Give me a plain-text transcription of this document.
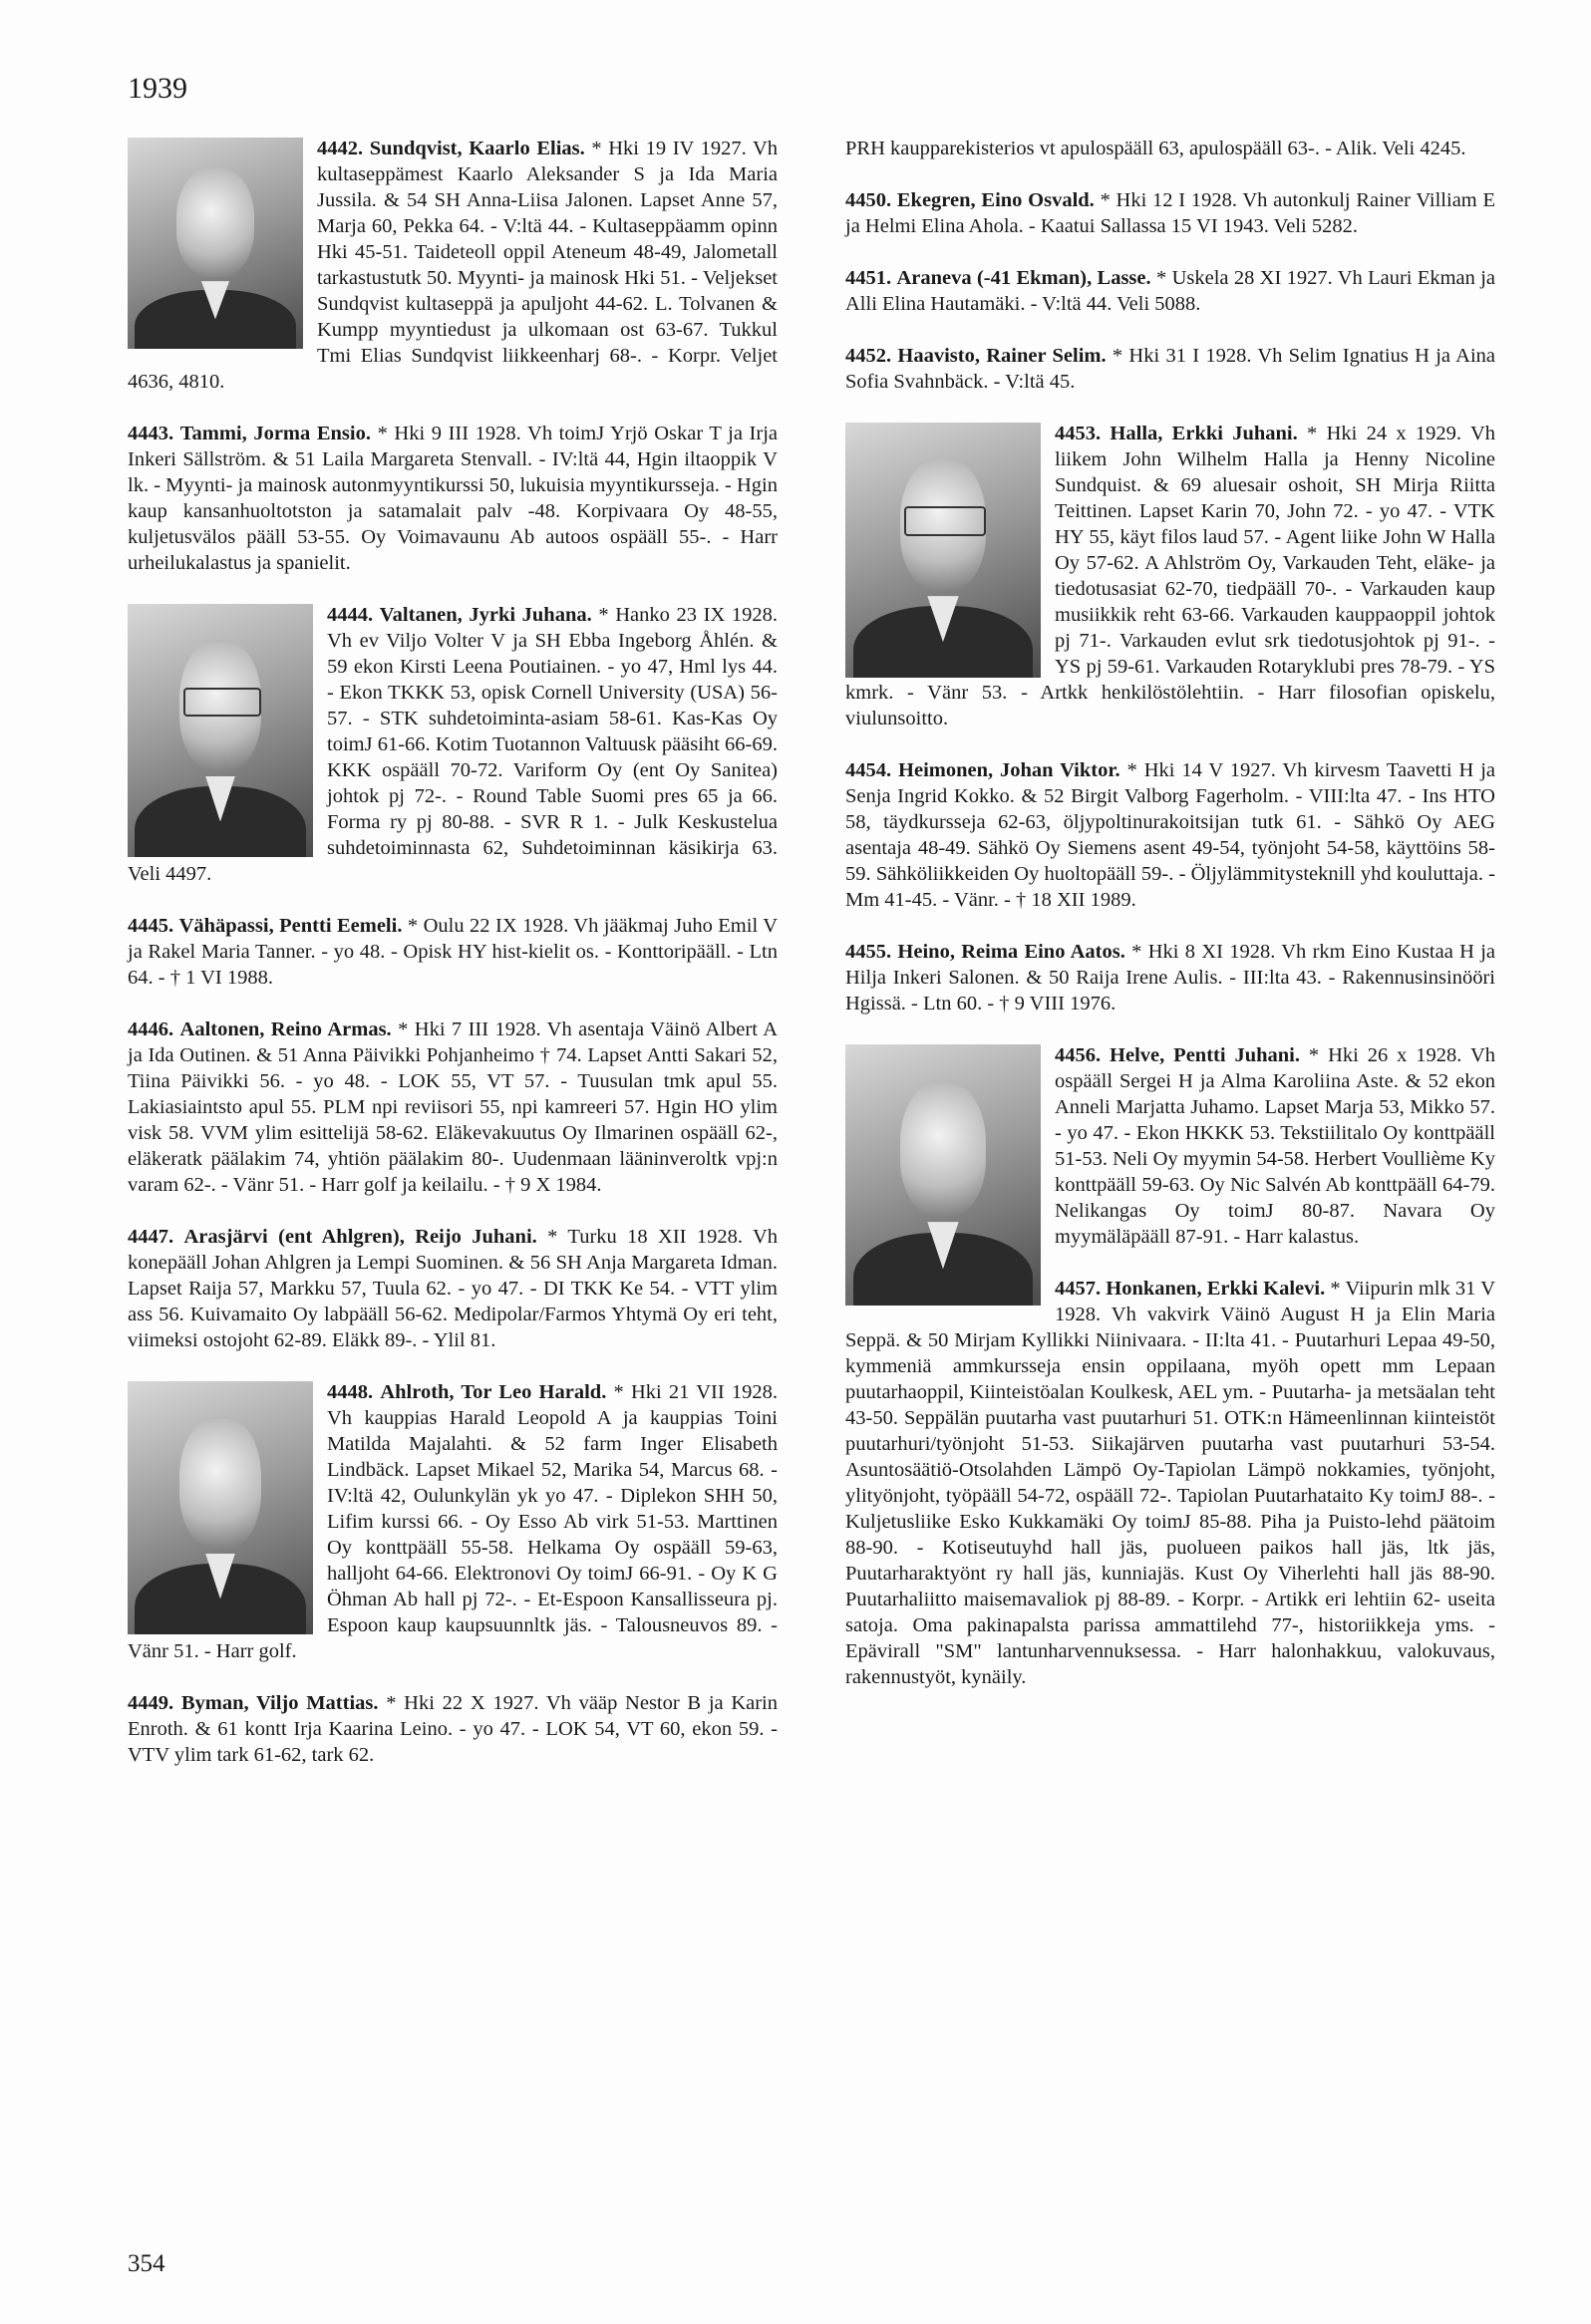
1939

4442. Sundqvist, Kaarlo Elias. * Hki 19 IV 1927. Vh kultaseppämest Kaarlo Aleksander S ja Ida Maria Jussila. & 54 SH Anna-Liisa Jalonen. Lapset Anne 57, Marja 60, Pekka 64. - V:ltä 44. - Kultaseppäamm opinn Hki 45-51. Taideteoll oppil Ateneum 48-49, Jalometall tarkastustutk 50. Myynti- ja mainosk Hki 51. - Veljekset Sundqvist kultaseppä ja apuljoht 44-62. L. Tolvanen & Kumpp myyntiedust ja ulkomaan ost 63-67. Tukkul Tmi Elias Sundqvist liikkeenharj 68-. - Korpr. Veljet 4636, 4810.

4443. Tammi, Jorma Ensio. * Hki 9 III 1928. Vh toimJ Yrjö Oskar T ja Irja Inkeri Sällström. & 51 Laila Margareta Stenvall. - IV:ltä 44, Hgin iltaoppik V lk. - Myynti- ja mainosk autonmyyntikurssi 50, lukuisia myyntikursseja. - Hgin kaup kansanhuoltotston ja satamalait palv -48. Korpivaara Oy 48-55, kuljetusvälos pääll 53-55. Oy Voimavaunu Ab autoos ospääll 55-. - Harr urheilukalastus ja spanielit.

4444. Valtanen, Jyrki Juhana. * Hanko 23 IX 1928. Vh ev Viljo Volter V ja SH Ebba Ingeborg Åhlén. & 59 ekon Kirsti Leena Poutiainen. - yo 47, Hml lys 44. - Ekon TKKK 53, opisk Cornell University (USA) 56-57. - STK suhdetoiminta-asiam 58-61. Kas-Kas Oy toimJ 61-66. Kotim Tuotannon Valtuusk pääsiht 66-69. KKK ospääll 70-72. Variform Oy (ent Oy Sanitea) johtok pj 72-. - Round Table Suomi pres 65 ja 66. Forma ry pj 80-88. - SVR R 1. - Julk Keskustelua suhdetoiminnasta 62, Suhdetoiminnan käsikirja 63. Veli 4497.

4445. Vähäpassi, Pentti Eemeli. * Oulu 22 IX 1928. Vh jääkmaj Juho Emil V ja Rakel Maria Tanner. - yo 48. - Opisk HY hist-kielit os. - Konttoripääll. - Ltn 64. - † 1 VI 1988.

4446. Aaltonen, Reino Armas. * Hki 7 III 1928. Vh asentaja Väinö Albert A ja Ida Outinen. & 51 Anna Päivikki Pohjanheimo † 74. Lapset Antti Sakari 52, Tiina Päivikki 56. - yo 48. - LOK 55, VT 57. - Tuusulan tmk apul 55. Lakiasiaintsto apul 55. PLM npi reviisori 55, npi kamreeri 57. Hgin HO ylim visk 58. VVM ylim esittelijä 58-62. Eläkevakuutus Oy Ilmarinen ospääll 62-, eläkeratk päälakim 74, yhtiön päälakim 80-. Uudenmaan lääninveroltk vpj:n varam 62-. - Vänr 51. - Harr golf ja keilailu. - † 9 X 1984.

4447. Arasjärvi (ent Ahlgren), Reijo Juhani. * Turku 18 XII 1928. Vh konepääll Johan Ahlgren ja Lempi Suominen. & 56 SH Anja Margareta Idman. Lapset Raija 57, Markku 57, Tuula 62. - yo 47. - DI TKK Ke 54. - VTT ylim ass 56. Kuivamaito Oy labpääll 56-62. Medipolar/Farmos Yhtymä Oy eri teht, viimeksi ostojoht 62-89. Eläkk 89-. - Ylil 81.

4448. Ahlroth, Tor Leo Harald. * Hki 21 VII 1928. Vh kauppias Harald Leopold A ja kauppias Toini Matilda Majalahti. & 52 farm Inger Elisabeth Lindbäck. Lapset Mikael 52, Marika 54, Marcus 68. - IV:ltä 42, Oulunkylän yk yo 47. - Diplekon SHH 50, Lifim kurssi 66. - Oy Esso Ab virk 51-53. Marttinen Oy konttpääll 55-58. Helkama Oy ospääll 59-63, halljoht 64-66. Elektronovi Oy toimJ 66-91. - Oy K G Öhman Ab hall pj 72-. - Et-Espoon Kansallisseura pj. Espoon kaup kaupsuunnltk jäs. - Talousneuvos 89. - Vänr 51. - Harr golf.

4449. Byman, Viljo Mattias. * Hki 22 X 1927. Vh vääp Nestor B ja Karin Enroth. & 61 kontt Irja Kaarina Leino. - yo 47. - LOK 54, VT 60, ekon 59. - VTV ylim tark 61-62, tark 62.

PRH kaupparekisterios vt apulospääll 63, apulospääll 63-. - Alik. Veli 4245.

4450. Ekegren, Eino Osvald. * Hki 12 I 1928. Vh autonkulj Rainer Villiam E ja Helmi Elina Ahola. - Kaatui Sallassa 15 VI 1943. Veli 5282.

4451. Araneva (-41 Ekman), Lasse. * Uskela 28 XI 1927. Vh Lauri Ekman ja Alli Elina Hautamäki. - V:ltä 44. Veli 5088.

4452. Haavisto, Rainer Selim. * Hki 31 I 1928. Vh Selim Ignatius H ja Aina Sofia Svahnbäck. - V:ltä 45.

4453. Halla, Erkki Juhani. * Hki 24 x 1929. Vh liikem John Wilhelm Halla ja Henny Nicoline Sundquist. & 69 aluesair oshoit, SH Mirja Riitta Teittinen. Lapset Karin 70, John 72. - yo 47. - VTK HY 55, käyt filos laud 57. - Agent liike John W Halla Oy 57-62. A Ahlström Oy, Varkauden Teht, eläke- ja tiedotusasiat 62-70, tiedpääll 70-. - Varkauden kaup musiikkik reht 63-66. Varkauden kauppaoppil johtok pj 71-. Varkauden evlut srk tiedotusjohtok pj 91-. - YS pj 59-61. Varkauden Rotaryklubi pres 78-79. - YS kmrk. - Vänr 53. - Artkk henkilöstölehtiin. - Harr filosofian opiskelu, viulunsoitto.

4454. Heimonen, Johan Viktor. * Hki 14 V 1927. Vh kirvesm Taavetti H ja Senja Ingrid Kokko. & 52 Birgit Valborg Fagerholm. - VIII:lta 47. - Ins HTO 58, täydkursseja 62-63, öljypoltinurakoitsijan tutk 61. - Sähkö Oy AEG asentaja 48-49. Sähkö Oy Siemens asent 49-54, työnjoht 54-58, käyttöins 58-59. Sähköliikkeiden Oy huoltopääll 59-. - Öljylämmitysteknill yhd kouluttaja. - Mm 41-45. - Vänr. - † 18 XII 1989.

4455. Heino, Reima Eino Aatos. * Hki 8 XI 1928. Vh rkm Eino Kustaa H ja Hilja Inkeri Salonen. & 50 Raija Irene Aulis. - III:lta 43. - Rakennusinsinööri Hgissä. - Ltn 60. - † 9 VIII 1976.

4456. Helve, Pentti Juhani. * Hki 26 x 1928. Vh ospääll Sergei H ja Alma Karoliina Aste. & 52 ekon Anneli Marjatta Juhamo. Lapset Marja 53, Mikko 57. - yo 47. - Ekon HKKK 53. Tekstiilitalo Oy konttpääll 51-53. Neli Oy myymin 54-58. Herbert Voullième Ky konttpääll 59-63. Oy Nic Salvén Ab konttpääll 64-79. Nelikangas Oy toimJ 80-87. Navara Oy myymäläpääll 87-91. - Harr kalastus.

4457. Honkanen, Erkki Kalevi. * Viipurin mlk 31 V 1928. Vh vakvirk Väinö August H ja Elin Maria Seppä. & 50 Mirjam Kyllikki Niinivaara. - II:lta 41. - Puutarhuri Lepaa 49-50, kymmeniä ammkursseja ensin oppilaana, myöh opett mm Lepaan puutarhaoppil, Kiinteistöalan Koulkesk, AEL ym. - Puutarha- ja metsäalan teht 43-50. Seppälän puutarha vast puutarhuri 51. OTK:n Hämeenlinnan kiinteistöt puutarhuri/työnjoht 51-53. Siikajärven puutarha vast puutarhuri 53-54. Asuntosäätiö-Otsolahden Lämpö Oy-Tapiolan Lämpö nokkamies, työnjoht, ylityönjoht, työpääll 54-72, ospääll 72-. Tapiolan Puutarhataito Ky toimJ 88-. - Kuljetusliike Esko Kukkamäki Oy toimJ 85-88. Piha ja Puisto-lehd päätoim 88-90. - Kotiseutuyhd hall jäs, puolueen paikos hall jäs, ltk jäs, Puutarharaktyönt ry hall jäs, kunniajäs. Kust Oy Viherlehti hall jäs 88-90. Puutarhaliitto maisemavaliok pj 88-89. - Korpr. - Artikk eri lehtiin 62- useita satoja. Oma pakinapalsta parissa ammattilehd 77-, historiikkeja yms. - Epävirall "SM" lantunharvennuksessa. - Harr halonhakkuu, valokuvaus, rakennustyöt, kynäily.

354
